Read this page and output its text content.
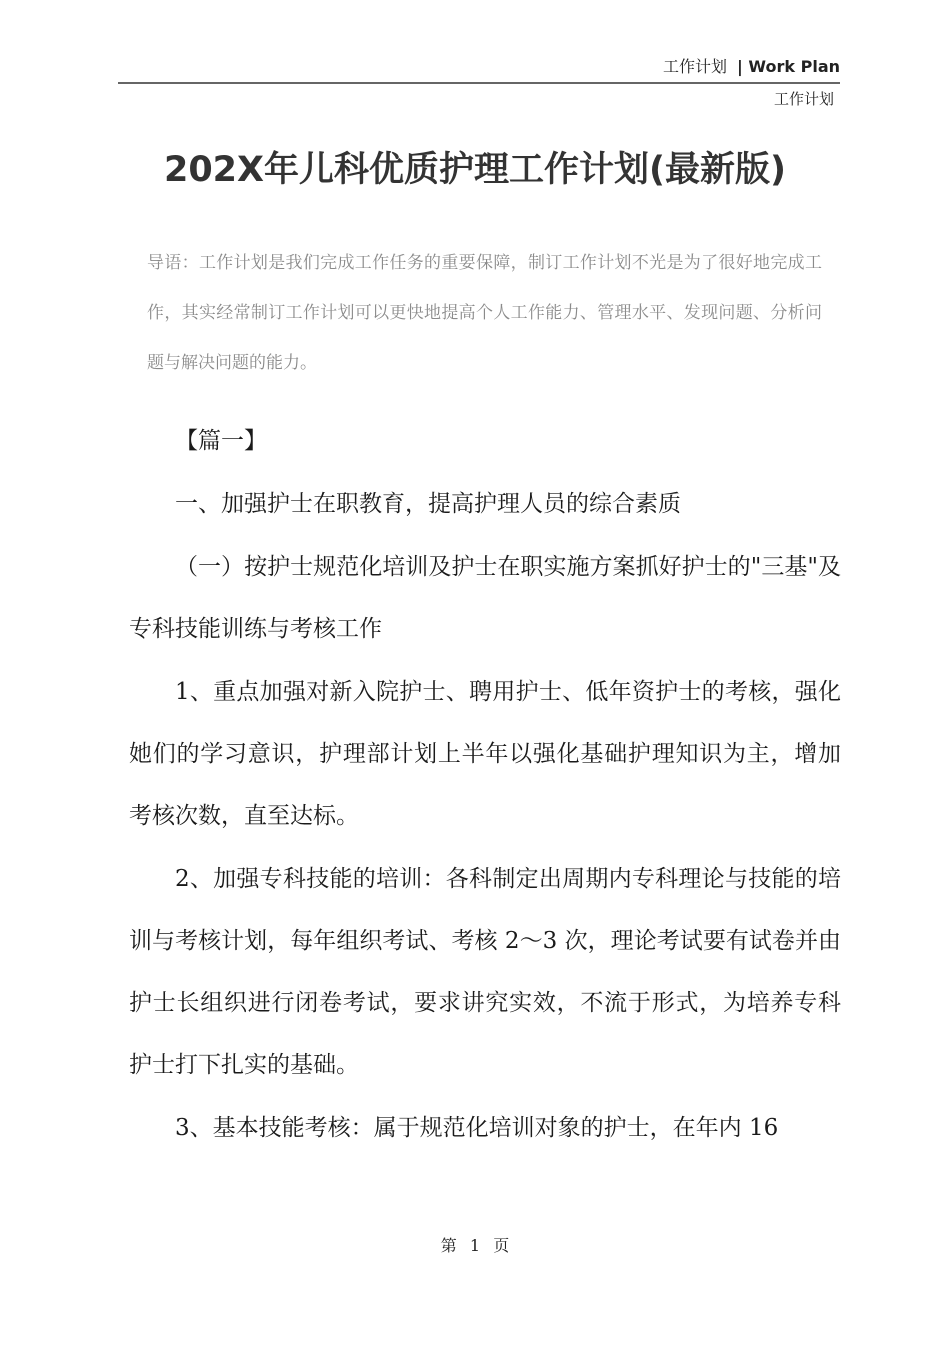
工作计划 | Work Plan
工作计划
202X年儿科优质护理工作计划(最新版)
导语：工作计划是我们完成工作任务的重要保障，制订工作计划不光是为了很好地完成工作，其实经常制订工作计划可以更快地提高个人工作能力、管理水平、发现问题、分析问题与解决问题的能力。
【篇一】
一、加强护士在职教育，提高护理人员的综合素质
（一）按护士规范化培训及护士在职实施方案抓好护士的"三基"及专科技能训练与考核工作
1、重点加强对新入院护士、聘用护士、低年资护士的考核，强化她们的学习意识，护理部计划上半年以强化基础护理知识为主，增加考核次数，直至达标。
2、加强专科技能的培训：各科制定出周期内专科理论与技能的培训与考核计划，每年组织考试、考核 2～3 次，理论考试要有试卷并由护士长组织进行闭卷考试，要求讲究实效，不流于形式，为培养专科护士打下扎实的基础。
3、基本技能考核：属于规范化培训对象的护士，在年内 16
第 1 页
